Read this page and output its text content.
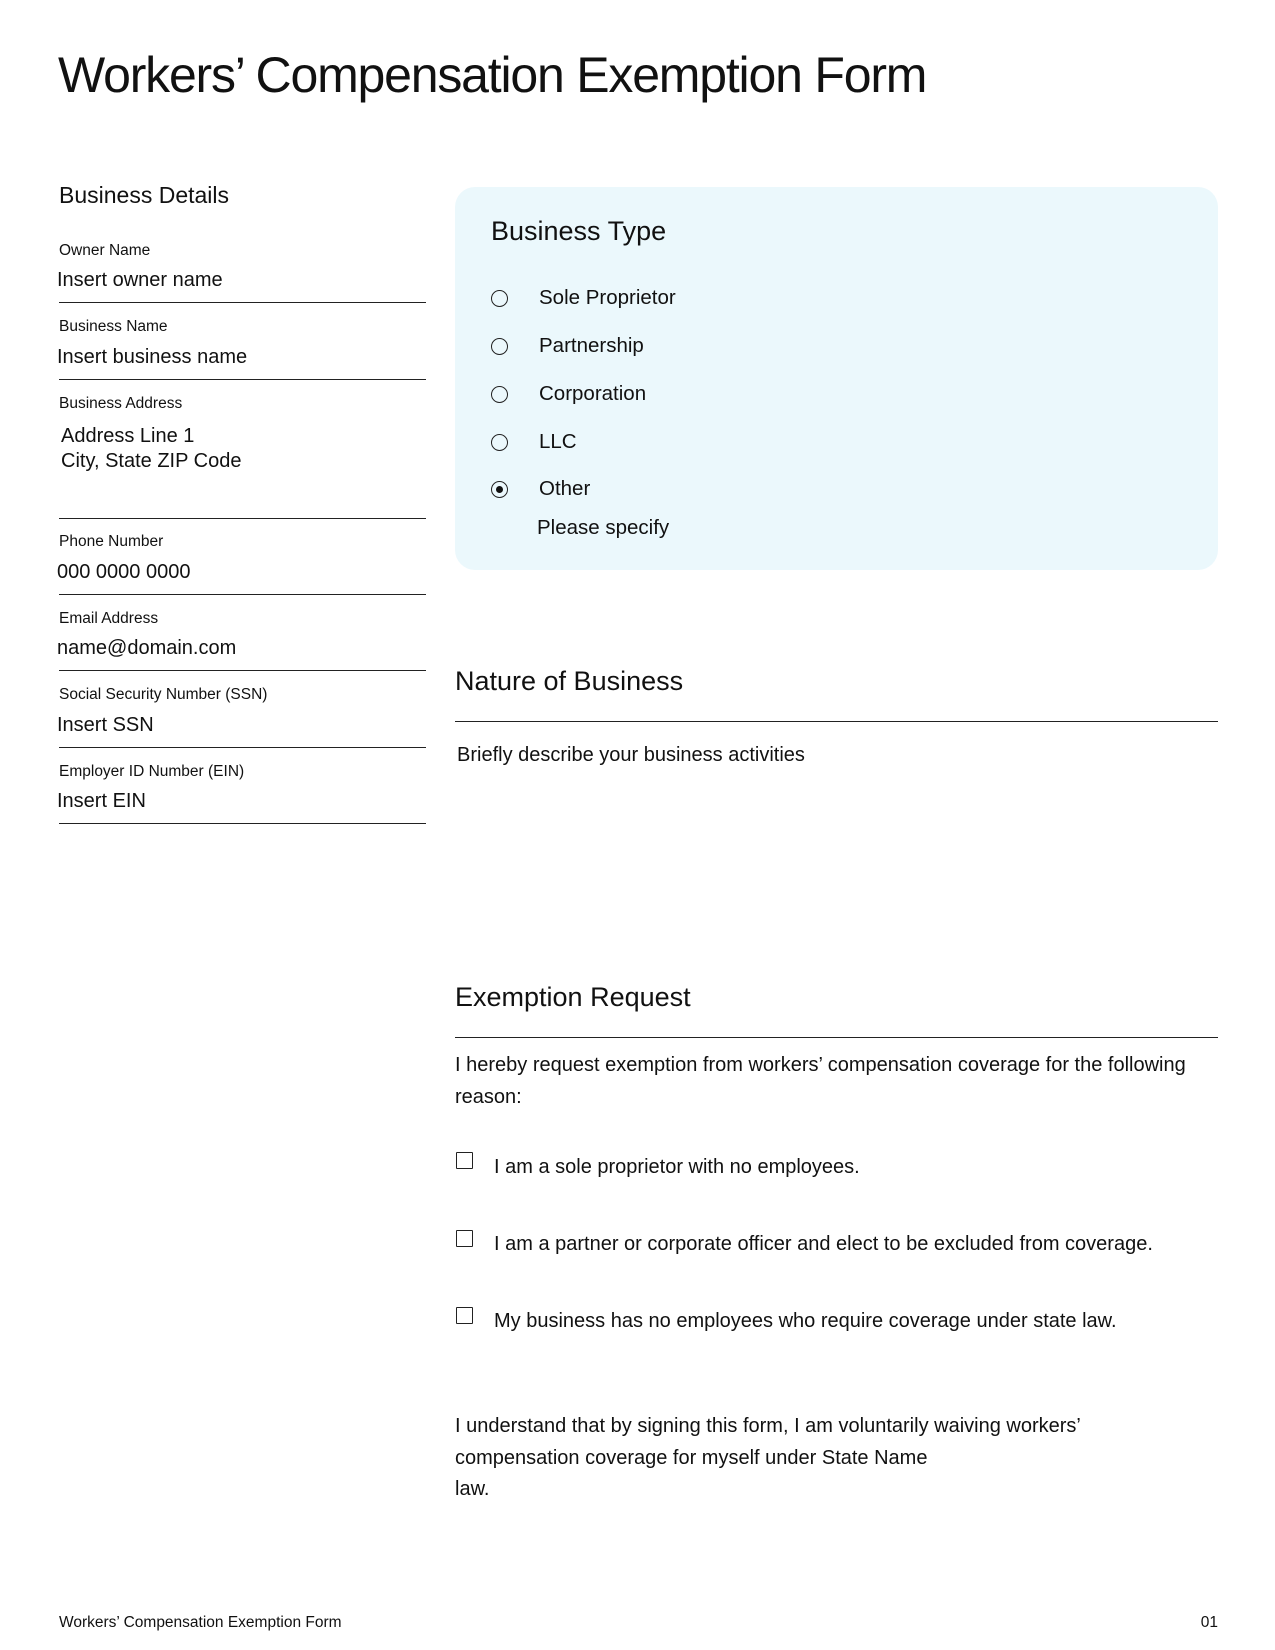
Workers’ Compensation Exemption Form
Business Details
Owner Name
Insert owner name
Business Name
Insert business name
Business Address
Address Line 1
City, State ZIP Code
Phone Number
000 0000 0000
Email Address
name@domain.com
Social Security Number (SSN)
Insert SSN
Employer ID Number (EIN)
Insert EIN
Business Type
Sole Proprietor
Partnership
Corporation
LLC
Other
Please specify
Nature of Business
Briefly describe your business activities
Exemption Request
I hereby request exemption from workers’ compensation coverage for the following reason:
I am a sole proprietor with no employees.
I am a partner or corporate officer and elect to be excluded from coverage.
My business has no employees who require coverage under state law.
I understand that by signing this form, I am voluntarily waiving workers’
compensation coverage for myself under State Name
law.
Workers’ Compensation Exemption Form	01
